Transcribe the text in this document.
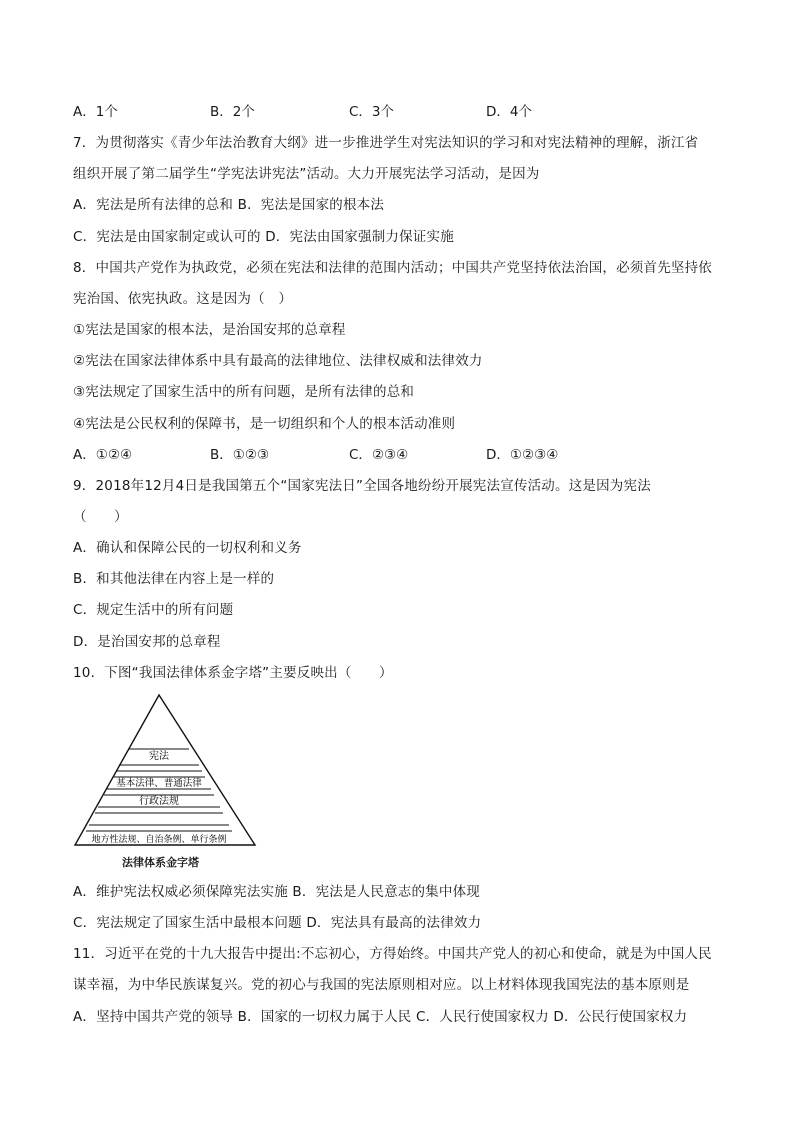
A．1个	B．2个	C．3个	D．4个
7．为贯彻落实《青少年法治教育大纲》进一步推进学生对宪法知识的学习和对宪法精神的理解，浙江省
组织开展了第二届学生“学宪法讲宪法”活动。大力开展宪法学习活动，是因为
A．宪法是所有法律的总和 B．宪法是国家的根本法
C．宪法是由国家制定或认可的 D．宪法由国家强制力保证实施
8．中国共产党作为执政党，必须在宪法和法律的范围内活动；中国共产党坚持依法治国，必须首先坚持依
宪治国、依宪执政。这是因为（　）
①宪法是国家的根本法，是治国安邦的总章程
②宪法在国家法律体系中具有最高的法律地位、法律权威和法律效力
③宪法规定了国家生活中的所有问题，是所有法律的总和
④宪法是公民权利的保障书，是一切组织和个人的根本活动准则
A．①②④	B．①②③	C．②③④	D．①②③④
9．2018年12月4日是我国第五个“国家宪法日”全国各地纷纷开展宪法宣传活动。这是因为宪法
（　　）
A．确认和保障公民的一切权利和义务
B．和其他法律在内容上是一样的
C．规定生活中的所有问题
D．是治国安邦的总章程
10．下图“我国法律体系金字塔”主要反映出（　　）
宪法
基本法律、普通法律
行政法规
地方性法规、自治条例、单行条例
法律体系金字塔
A．维护宪法权威必须保障宪法实施 B．宪法是人民意志的集中体现
C．宪法规定了国家生活中最根本问题 D．宪法具有最高的法律效力
11．习近平在党的十九大报告中提出:不忘初心，方得始终。中国共产党人的初心和使命，就是为中国人民
谋幸福，为中华民族谋复兴。党的初心与我国的宪法原则相对应。以上材料体现我国宪法的基本原则是
A．坚持中国共产党的领导 B．国家的一切权力属于人民 C．人民行使国家权力 D．公民行使国家权力
